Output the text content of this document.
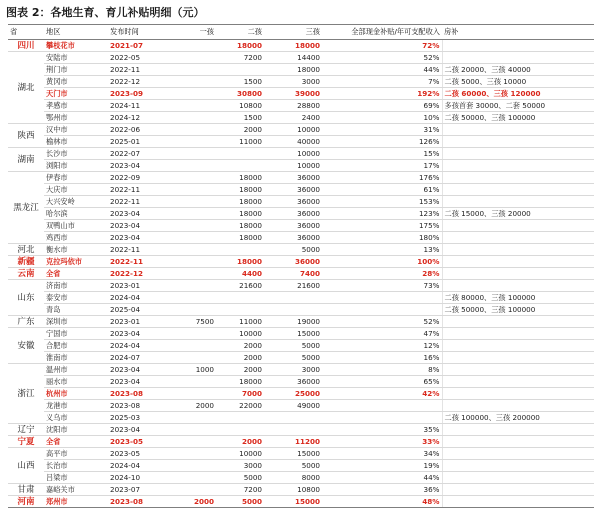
图表 2：各地生育、育儿补贴明细（元）
省	地区	发布时间	一孩	二孩	三孩	全部现金补贴/年可支配收入	房补
四川	攀枝花市	2021-07		18000	18000	72%	
湖北	安陆市	2022-05		7200	14400	52%	
	荆门市	2022-11			18000	44%	二孩 20000、三孩 40000
	黄冈市	2022-12		1500	3000	7%	二孩 5000、三孩 10000
	天门市	2023-09		30800	39000	192%	二孩 60000、三孩 120000
	孝感市	2024-11		10800	28800	69%	多孩首套 30000、二套 50000
	鄂州市	2024-12		1500	2400	10%	二孩 50000、三孩 100000
陕西	汉中市	2022-06		2000	10000	31%	
	榆林市	2025-01		11000	40000	126%	
湖南	长沙市	2022-07			10000	15%	
	浏阳市	2023-04			10000	17%	
黑龙江	伊春市	2022-09		18000	36000	176%	
	大庆市	2022-11		18000	36000	61%	
	大兴安岭	2022-11		18000	36000	153%	
	哈尔滨	2023-04		18000	36000	123%	二孩 15000、三孩 20000
	双鸭山市	2023-04		18000	36000	175%	
	鸡西市	2023-04		18000	36000	180%	
河北	衡水市	2022-11			5000	13%	
新疆	克拉玛依市	2022-11		18000	36000	100%	
云南	全省	2022-12		4400	7400	28%	
山东	济南市	2023-01		21600	21600	73%	
	泰安市	2024-04					二孩 80000、三孩 100000
	青岛	2025-04					二孩 50000、三孩 100000
广东	深圳市	2023-01	7500	11000	19000	52%	
安徽	宁国市	2023-04		10000	15000	47%	
	合肥市	2024-04		2000	5000	12%	
	淮南市	2024-07		2000	5000	16%	
浙江	温州市	2023-04	1000	2000	3000	8%	
	丽水市	2023-04		18000	36000	65%	
	杭州市	2023-08		7000	25000	42%	
	龙港市	2023-08	2000	22000	49000		
	义乌市	2025-03					二孩 100000、三孩 200000
辽宁	沈阳市	2023-04				35%	
宁夏	全省	2023-05		2000	11200	33%	
山西	高平市	2023-05		10000	15000	34%	
	长治市	2024-04		3000	5000	19%	
	吕梁市	2024-10		5000	8000	44%	
甘肃	嘉峪关市	2023-07		7200	10800	36%	
河南	郑州市	2023-08	2000	5000	15000	48%	
